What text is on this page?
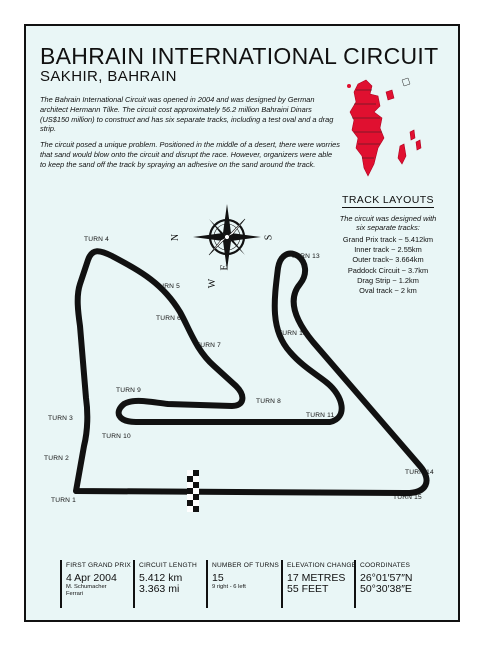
BAHRAIN INTERNATIONAL CIRCUIT
SAKHIR, BAHRAIN

The Bahrain International Circuit was opened in 2004 and was designed by German architect Hermann Tilke. The circuit cost approximately 56.2 million Bahraini Dinars (US$150 million) to construct and has six separate tracks, including a test oval and a drag strip.

The circuit posed a unique problem. Positioned in the middle of a desert, there were worries that sand would blow onto the circuit and disrupt the race. However, organizers were able to keep the sand off the track by spraying an adhesive on the sand around the track.

N	S
E
W
TRACK LAYOUTS
The circuit was designed with six separate tracks:
Grand Prix track ~ 5.412km
Inner track ~ 2.55km
Outer track~ 3.664km
Paddock Circuit ~ 3.7km
Drag Strip ~ 1.2km
Oval track ~ 2 km
TURN 1
TURN 2
TURN 3
TURN 4
TURN 5
TURN 6
TURN 7
TURN 8
TURN 9
TURN 10
TURN 11
TURN 12
TURN 13
TURN 14
TURN 15
FIRST GRAND PRIX
4 Apr 2004
M. Schumacher
Ferrari
CIRCUIT LENGTH
5.412 km
3.363 mi
NUMBER OF TURNS
15
9 right - 6 left
ELEVATION CHANGE
17 METRES
55 FEET
COORDINATES
26°01′57″N
50°30′38″E
